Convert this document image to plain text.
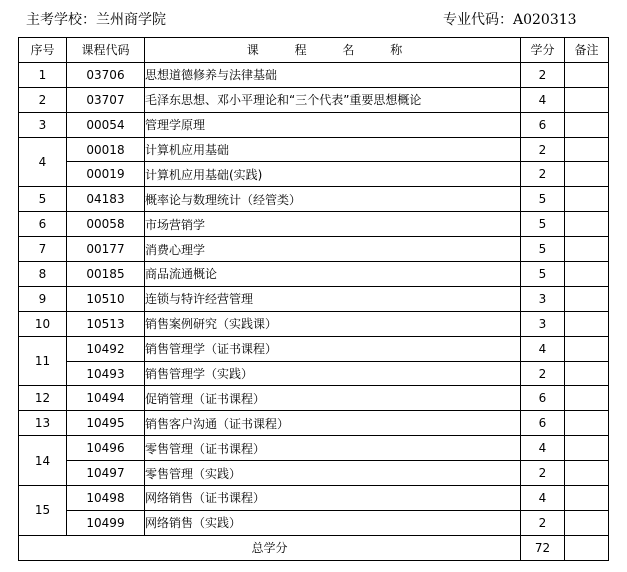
主考学校：兰州商学院	专业代码：A020313
序号	课程代码	课 程 名 称	学分	备注
1	03706	思想道德修养与法律基础	2	
2	03707	毛泽东思想、邓小平理论和“三个代表”重要思想概论	4	
3	00054	管理学原理	6	
4	00018	计算机应用基础	2	
	00019	计算机应用基础(实践)	2	
5	04183	概率论与数理统计（经管类）	5	
6	00058	市场营销学	5	
7	00177	消费心理学	5	
8	00185	商品流通概论	5	
9	10510	连锁与特许经营管理	3	
10	10513	销售案例研究（实践课）	3	
11	10492	销售管理学（证书课程）	4	
	10493	销售管理学（实践）	2	
12	10494	促销管理（证书课程）	6	
13	10495	销售客户沟通（证书课程）	6	
14	10496	零售管理（证书课程）	4	
	10497	零售管理（实践）	2	
15	10498	网络销售（证书课程）	4	
	10499	网络销售（实践）	2	
总学分			72	
